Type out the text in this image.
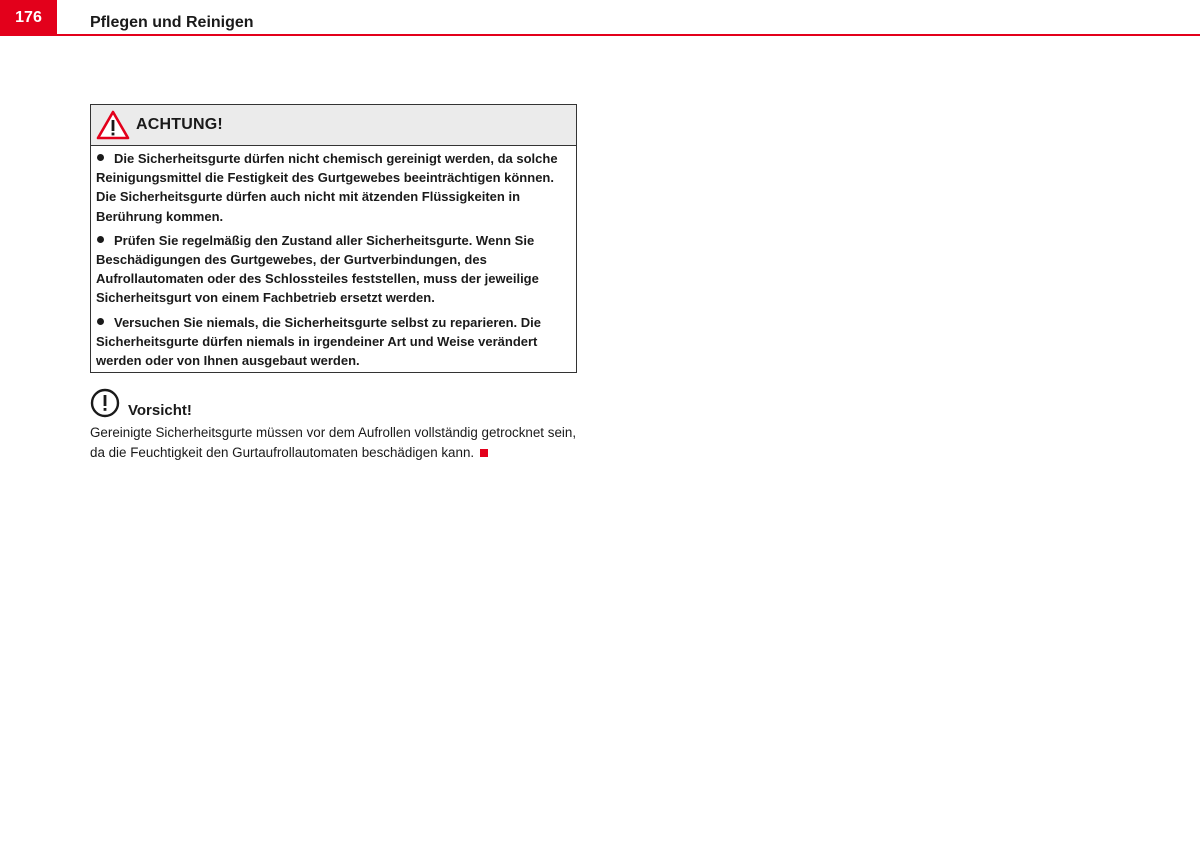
176	Pflegen und Reinigen
ACHTUNG!
Die Sicherheitsgurte dürfen nicht chemisch gereinigt werden, da solche Reinigungsmittel die Festigkeit des Gurtgewebes beeinträchtigen können. Die Sicherheitsgurte dürfen auch nicht mit ätzenden Flüssigkeiten in Berührung kommen.
Prüfen Sie regelmäßig den Zustand aller Sicherheitsgurte. Wenn Sie Beschädigungen des Gurtgewebes, der Gurtverbindungen, des Aufrollautomaten oder des Schlossteiles feststellen, muss der jeweilige Sicherheitsgurt von einem Fachbetrieb ersetzt werden.
Versuchen Sie niemals, die Sicherheitsgurte selbst zu reparieren. Die Sicherheitsgurte dürfen niemals in irgendeiner Art und Weise verändert werden oder von Ihnen ausgebaut werden.
Vorsicht!
Gereinigte Sicherheitsgurte müssen vor dem Aufrollen vollständig getrocknet sein, da die Feuchtigkeit den Gurtaufrollautomaten beschädigen kann.
